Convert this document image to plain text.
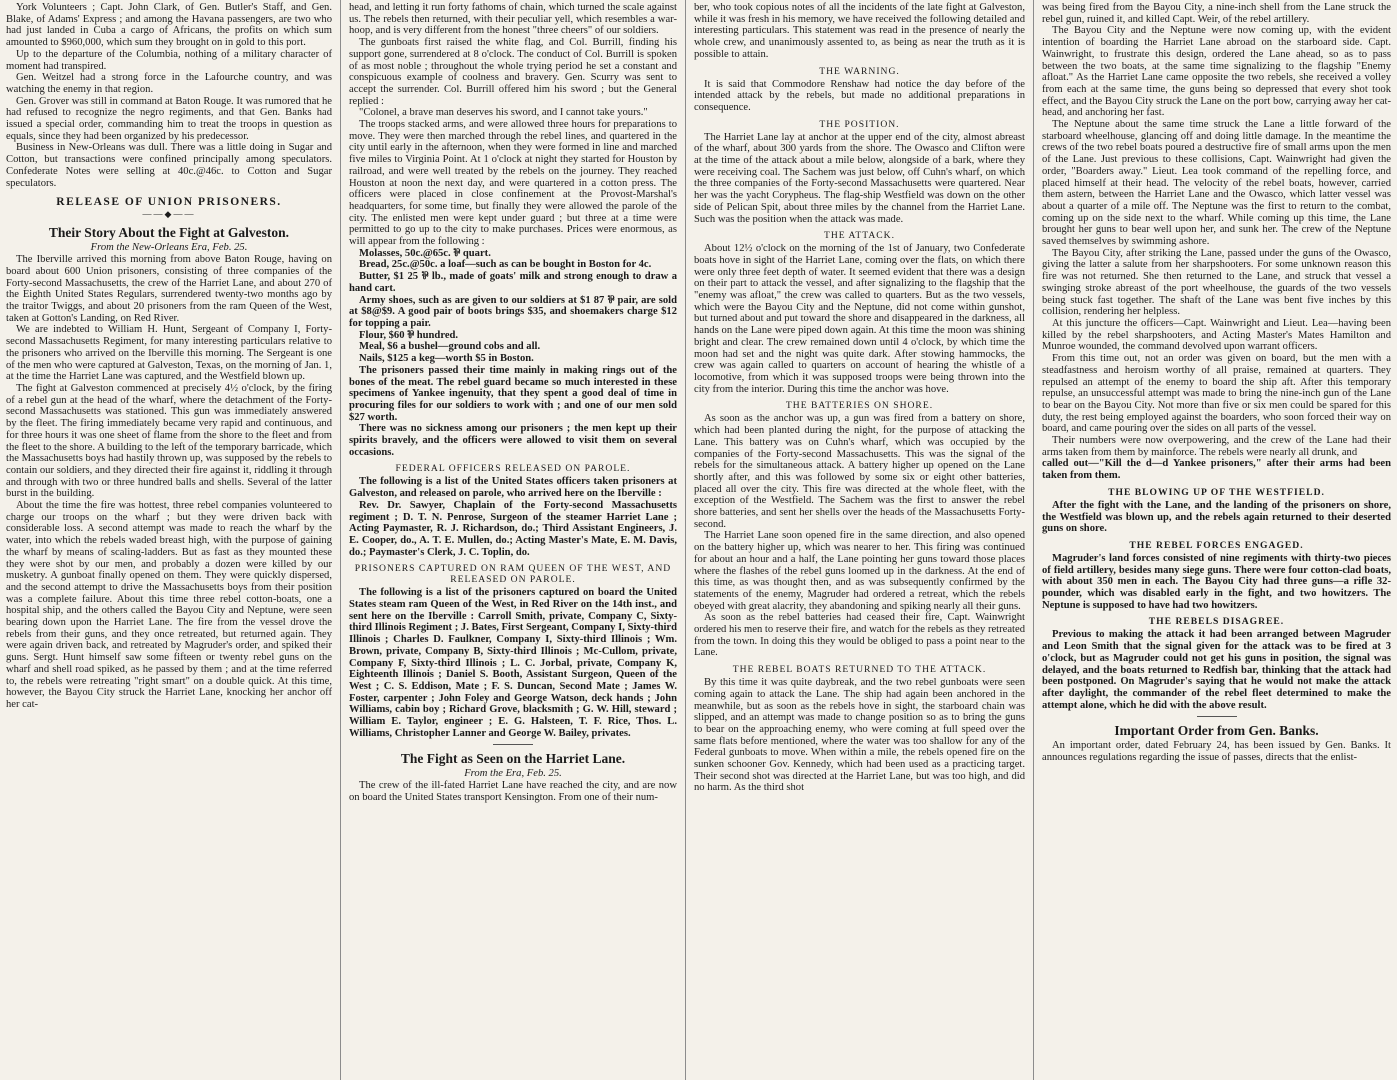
York Volunteers ; Capt. John Clark, of Gen. Butler's Staff, and Gen. Blake, of Adams' Express ; and among the Havana passengers, are two who had just landed in Cuba a cargo of Africans, the profits on which sum amounted to $960,000, which sum they brought on in gold to this port.

Up to the departure of the Columbia, nothing of a military character of moment had transpired.

Gen. Weitzel had a strong force in the Lafourche country, and was watching the enemy in that region.

Gen. Grover was still in command at Baton Rouge. It was rumored that he had refused to recognize the negro regiments, and that Gen. Banks had issued a special order, commanding him to treat the troops in question as equals, since they had been organized by his predecessor.

Business in New-Orleans was dull. There was a little doing in Sugar and Cotton, but transactions were confined principally among speculators. Confederate Notes were selling at 40c.@46c. to Cotton and Sugar speculators.

RELEASE OF UNION PRISONERS.
——◆——
Their Story About the Fight at Galveston.
From the New-Orleans Era, Feb. 25.

The Iberville arrived this morning from above Baton Rouge, having on board about 600 Union prisoners, consisting of three companies of the Forty-second Massachusetts, the crew of the Harriet Lane, and about 270 of the Eighth United States Regulars, surrendered twenty-two months ago by the traitor Twiggs, and about 20 prisoners from the ram Queen of the West, taken at Gotton's Landing, on Red River.

We are indebted to William H. Hunt, Sergeant of Company I, Forty-second Massachusetts Regiment, for many interesting particulars relative to the prisoners who arrived on the Iberville this morning. The Sergeant is one of the men who were captured at Galveston, Texas, on the morning of Jan. 1, at the time the Harriet Lane was captured, and the Westfield blown up.

The fight at Galveston commenced at precisely 4½ o'clock, by the firing of a rebel gun at the head of the wharf, where the detachment of the Forty-second Massachusetts was stationed. This gun was immediately answered by the fleet. The firing immediately became very rapid and continuous, and for three hours it was one sheet of flame from the shore to the fleet and from the fleet to the shore. A building to the left of the temporary barricade, which the Massachusetts boys had hastily thrown up, was supposed by the rebels to contain our soldiers, and they directed their fire against it, riddling it through and through with two or three hundred balls and shells. Several of the latter burst in the building.

About the time the fire was hottest, three rebel companies volunteered to charge our troops on the wharf ; but they were driven back with considerable loss. A second attempt was made to reach the wharf by the water, into which the rebels waded breast high, with the purpose of gaining the wharf by means of scaling-ladders. But as fast as they mounted these they were shot by our men, and probably a dozen were killed by our musketry. A gunboat finally opened on them. They were quickly dispersed, and the second attempt to drive the Massachusetts boys from their position was a complete failure. About this time three rebel cotton-boats, one a hospital ship, and the others called the Bayou City and Neptune, were seen bearing down upon the Harriet Lane. The fire from the vessel drove the rebels from their guns, and they once retreated, but returned again. They were again driven back, and retreated by Magruder's order, and spiked their guns. Sergt. Hunt himself saw some fifteen or twenty rebel guns on the wharf and shell road spiked, as he passed by them ; and at the time referred to, the rebels were retreating "right smart" on a double quick. At this time, however, the Bayou City struck the Harriet Lane, knocking her anchor off her cat-

head, and letting it run forty fathoms of chain, which turned the scale against us. The rebels then returned, with their peculiar yell, which resembles a war-hoop, and is very different from the honest "three cheers" of our soldiers.

The gunboats first raised the white flag, and Col. Burrill, finding his support gone, surrendered at 8 o'clock. The conduct of Col. Burrill is spoken of as most noble ; throughout the whole trying period he set a constant and conspicuous example of coolness and bravery. Gen. Scurry was sent to accept the surrender. Col. Burrill offered him his sword ; but the General replied :

"Colonel, a brave man deserves his sword, and I cannot take yours."

The troops stacked arms, and were allowed three hours for preparations to move. They were then marched through the rebel lines, and quartered in the city until early in the afternoon, when they were formed in line and marched five miles to Virginia Point. At 1 o'clock at night they started for Houston by railroad, and were well treated by the rebels on the journey. They reached Houston at noon the next day, and were quartered in a cotton press. The officers were placed in close confinement at the Provost-Marshal's headquarters, for some time, but finally they were allowed the parole of the city. The enlisted men were kept under guard ; but three at a time were permitted to go up to the city to make purchases. Prices were enormous, as will appear from the following :

Molasses, 50c.@65c. ⅌ quart.

Bread, 25c.@50c. a loaf—such as can be bought in Boston for 4c.

Butter, $1 25 ⅌ lb., made of goats' milk and strong enough to draw a hand cart.

Army shoes, such as are given to our soldiers at $1 87 ⅌ pair, are sold at $8@$9. A good pair of boots brings $35, and shoemakers charge $12 for topping a pair.

Flour, $60 ⅌ hundred.

Meal, $6 a bushel—ground cobs and all.

Nails, $125 a keg—worth $5 in Boston.

The prisoners passed their time mainly in making rings out of the bones of the meat. The rebel guard became so much interested in these specimens of Yankee ingenuity, that they spent a good deal of time in procuring files for our soldiers to work with ; and one of our men sold $27 worth.

There was no sickness among our prisoners ; the men kept up their spirits bravely, and the officers were allowed to visit them on several occasions.

FEDERAL OFFICERS RELEASED ON PAROLE.

The following is a list of the United States officers taken prisoners at Galveston, and released on parole, who arrived here on the Iberville :

Rev. Dr. Sawyer, Chaplain of the Forty-second Massachusetts regiment ; D. T. N. Penrose, Surgeon of the steamer Harriet Lane ; Acting Paymaster, R. J. Richardson, do.; Third Assistant Engineers, J. E. Cooper, do., A. T. E. Mullen, do.; Acting Master's Mate, E. M. Davis, do.; Paymaster's Clerk, J. C. Toplin, do.

PRISONERS CAPTURED ON RAM QUEEN OF THE WEST, AND RELEASED ON PAROLE.

The following is a list of the prisoners captured on board the United States steam ram Queen of the West, in Red River on the 14th inst., and sent here on the Iberville : Carroll Smith, private, Company C, Sixty-third Illinois Regiment ; J. Bates, First Sergeant, Company I, Sixty-third Illinois ; Charles D. Faulkner, Company I, Sixty-third Illinois ; Wm. Brown, private, Company B, Sixty-third Illinois ; Mc-Cullom, private, Company F, Sixty-third Illinois ; L. C. Jorbal, private, Company K, Eighteenth Illinois ; Daniel S. Booth, Assistant Surgeon, Queen of the West ; C. S. Eddison, Mate ; F. S. Duncan, Second Mate ; James W. Foster, carpenter ; John Foley and George Watson, deck hands ; John Williams, cabin boy ; Richard Grove, blacksmith ; G. W. Hill, steward ; William E. Taylor, engineer ; E. G. Halsteen, T. F. Rice, Thos. L. Williams, Christopher Lanner and George W. Bailey, privates.

The Fight as Seen on the Harriet Lane.
From the Era, Feb. 25.

The crew of the ill-fated Harriet Lane have reached the city, and are now on board the United States transport Kensington. From one of their num-

ber, who took copious notes of all the incidents of the late fight at Galveston, while it was fresh in his memory, we have received the following detailed and interesting particulars. This statement was read in the presence of nearly the whole crew, and unanimously assented to, as being as near the truth as it is possible to attain.

THE WARNING.

It is said that Commodore Renshaw had notice the day before of the intended attack by the rebels, but made no additional preparations in consequence.

THE POSITION.

The Harriet Lane lay at anchor at the upper end of the city, almost abreast of the wharf, about 300 yards from the shore. The Owasco and Clifton were at the time of the attack about a mile below, alongside of a bark, where they were receiving coal. The Sachem was just below, off Cuhn's wharf, on which the three companies of the Forty-second Massachusetts were quartered. Near her was the yacht Corypheus. The flag-ship Westfield was down on the other side of Pelican Spit, about three miles by the channel from the Harriet Lane. Such was the position when the attack was made.

THE ATTACK.

About 12½ o'clock on the morning of the 1st of January, two Confederate boats hove in sight of the Harriet Lane, coming over the flats, on which there were only three feet depth of water. It seemed evident that there was a design on their part to attack the vessel, and after signalizing to the flagship that the "enemy was afloat," the crew was called to quarters. But as the two vessels, which were the Bayou City and the Neptune, did not come within gunshot, but turned about and put toward the shore and disappeared in the darkness, all hands on the Lane were piped down again. At this time the moon was shining bright and clear. The crew remained down until 4 o'clock, by which time the moon had set and the night was quite dark. After stowing hammocks, the crew was again called to quarters on account of hearing the whistle of a locomotive, from which it was supposed troops were being thrown into the city from the interior. During this time the anchor was hove.

THE BATTERIES ON SHORE.

As soon as the anchor was up, a gun was fired from a battery on shore, which had been planted during the night, for the purpose of attacking the Lane. This battery was on Cuhn's wharf, which was occupied by the companies of the Forty-second Massachusetts. This was the signal of the rebels for the simultaneous attack. A battery higher up opened on the Lane shortly after, and this was followed by some six or eight other batteries, placed all over the city. This fire was directed at the whole fleet, with the exception of the Westfield. The Sachem was the first to answer the rebel shore batteries, and sent her shells over the heads of the Massachusetts Forty-second.

The Harriet Lane soon opened fire in the same direction, and also opened on the battery higher up, which was nearer to her. This firing was continued for about an hour and a half, the Lane pointing her guns toward those places where the flashes of the rebel guns loomed up in the darkness. At the end of this time, as was thought then, and as was subsequently confirmed by the statements of the enemy, Magruder had ordered a retreat, which the rebels obeyed with great alacrity, they abandoning and spiking nearly all their guns.

As soon as the rebel batteries had ceased their fire, Capt. Wainwright ordered his men to reserve their fire, and watch for the rebels as they retreated from the town. In doing this they would be obliged to pass a point near to the Lane.

THE REBEL BOATS RETURNED TO THE ATTACK.

By this time it was quite daybreak, and the two rebel gunboats were seen coming again to attack the Lane. The ship had again been anchored in the meanwhile, but as soon as the rebels hove in sight, the starboard chain was slipped, and an attempt was made to change position so as to bring the guns to bear on the approaching enemy, who were coming at full speed over the same flats before mentioned, where the water was too shallow for any of the Federal gunboats to move. When within a mile, the rebels opened fire on the sunken schooner Gov. Kennedy, which had been used as a practicing target. Their second shot was directed at the Harriet Lane, but was too high, and did no harm. As the third shot

was being fired from the Bayou City, a nine-inch shell from the Lane struck the rebel gun, ruined it, and killed Capt. Weir, of the rebel artillery.

The Bayou City and the Neptune were now coming up, with the evident intention of boarding the Harriet Lane abroad on the starboard side. Capt. Wainwright, to frustrate this design, ordered the Lane ahead, so as to pass between the two boats, at the same time signalizing to the flagship "Enemy afloat." As the Harriet Lane came opposite the two rebels, she received a volley from each at the same time, the guns being so depressed that every shot took effect, and the Bayou City struck the Lane on the port bow, carrying away her cat-head, and anchoring her fast.

The Neptune about the same time struck the Lane a little forward of the starboard wheelhouse, glancing off and doing little damage. In the meantime the crews of the two rebel boats poured a destructive fire of small arms upon the men of the Lane. Just previous to these collisions, Capt. Wainwright had given the order, "Boarders away." Lieut. Lea took command of the repelling force, and placed himself at their head. The velocity of the rebel boats, however, carried them astern, between the Harriet Lane and the Owasco, which latter vessel was about a quarter of a mile off. The Neptune was the first to return to the combat, coming up on the side next to the wharf. While coming up this time, the Lane brought her guns to bear well upon her, and sunk her. The crew of the Neptune saved themselves by swimming ashore.

The Bayou City, after striking the Lane, passed under the guns of the Owasco, giving the latter a salute from her sharpshooters. For some unknown reason this fire was not returned. She then returned to the Lane, and struck that vessel a swinging stroke abreast of the port wheelhouse, the guards of the two vessels being stuck fast together. The shaft of the Lane was bent five inches by this collision, rendering her helpless.

At this juncture the officers—Capt. Wainwright and Lieut. Lea—having been killed by the rebel sharpshooters, and Acting Master's Mates Hamilton and Munroe wounded, the command devolved upon warrant officers.

From this time out, not an order was given on board, but the men with a steadfastness and heroism worthy of all praise, remained at quarters. They repulsed an attempt of the enemy to board the ship aft. After this temporary repulse, an unsuccessful attempt was made to bring the nine-inch gun of the Lane to bear on the Bayou City. Not more than five or six men could be spared for this duty, the rest being employed against the boarders, who soon forced their way on board, and came pouring over the sides on all parts of the vessel.

Their numbers were now overpowering, and the crew of the Lane had their arms taken from them by mainforce. The rebels were nearly all drunk, and

called out—"Kill the d—d Yankee prisoners," after their arms had been taken from them.

THE BLOWING UP OF THE WESTFIELD.

After the fight with the Lane, and the landing of the prisoners on shore, the Westfield was blown up, and the rebels again returned to their deserted guns on shore.

THE REBEL FORCES ENGAGED.

Magruder's land forces consisted of nine regiments with thirty-two pieces of field artillery, besides many siege guns. There were four cotton-clad boats, with about 350 men in each. The Bayou City had three guns—a rifle 32-pounder, which was disabled early in the fight, and two howitzers. The Neptune is supposed to have had two howitzers.

THE REBELS DISAGREE.

Previous to making the attack it had been arranged between Magruder and Leon Smith that the signal given for the attack was to be fired at 3 o'clock, but as Magruder could not get his guns in position, the signal was delayed, and the boats returned to Redfish bar, thinking that the attack had been postponed. On Magruder's saying that he would not make the attack after daylight, the commander of the rebel fleet determined to make the attempt alone, which he did with the above result.

Important Order from Gen. Banks.

An important order, dated February 24, has been issued by Gen. Banks. It announces regulations regarding the issue of passes, directs that the enlist-
